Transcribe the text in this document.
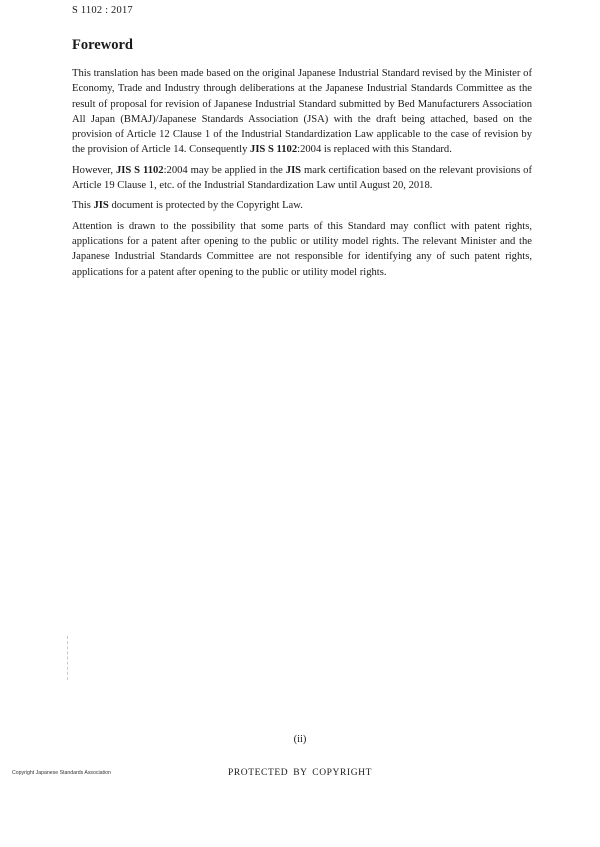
S 1102 : 2017
Foreword

This translation has been made based on the original Japanese Industrial Standard revised by the Minister of Economy, Trade and Industry through deliberations at the Japanese Industrial Standards Committee as the result of proposal for revision of Japanese Industrial Standard submitted by Bed Manufacturers Association All Japan (BMAJ)/Japanese Standards Association (JSA) with the draft being attached, based on the provision of Article 12 Clause 1 of the Industrial Standardization Law applicable to the case of revision by the provision of Article 14. Consequently JIS S 1102:2004 is replaced with this Standard.

However, JIS S 1102:2004 may be applied in the JIS mark certification based on the relevant provisions of Article 19 Clause 1, etc. of the Industrial Standardization Law until August 20, 2018.

This JIS document is protected by the Copyright Law.

Attention is drawn to the possibility that some parts of this Standard may conflict with patent rights, applications for a patent after opening to the public or utility model rights. The relevant Minister and the Japanese Industrial Standards Committee are not responsible for identifying any of such patent rights, applications for a patent after opening to the public or utility model rights.

(ii)
Copyright Japanese Standards Association	PROTECTED BY COPYRIGHT
